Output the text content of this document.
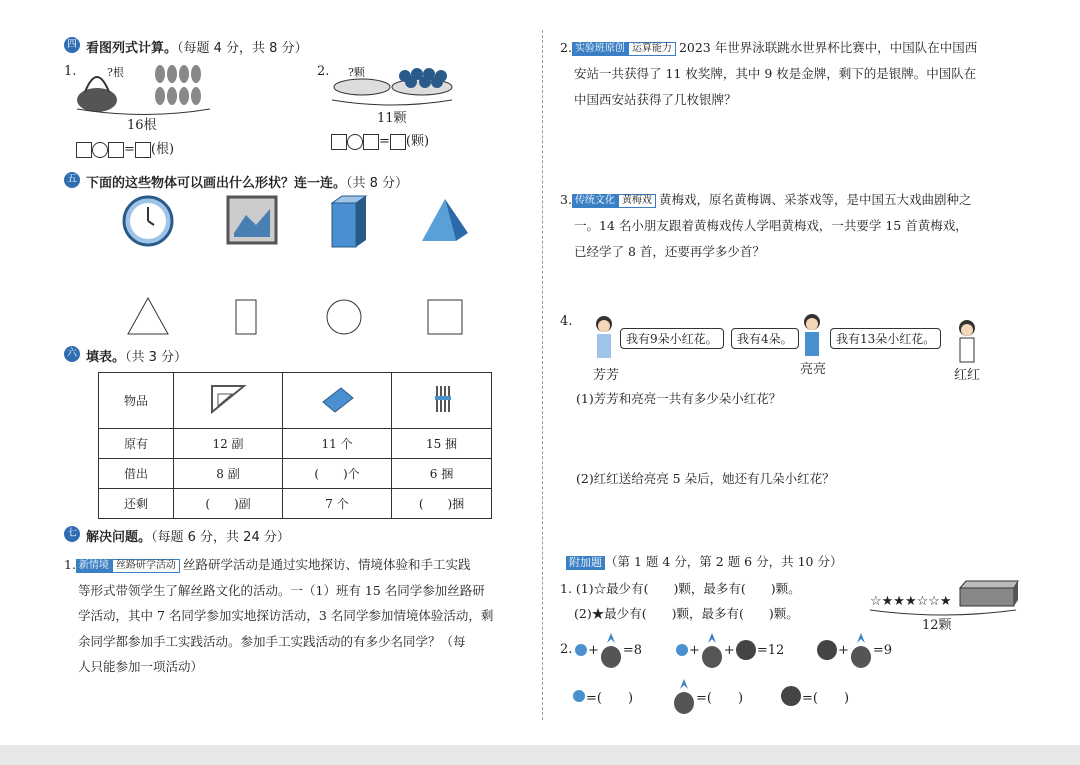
四 看图列式计算。（每题 4 分，共 8 分）
1.	?根
16根
= (根)
2. ?颗
11颗
= (颗)
五 下面的这些物体可以画出什么形状？连一连。（共 8 分）
六 填表。（共 3 分）
物品			
原有	12 副	11 个	15 捆
借出	8 副	(　　)个	6 捆
还剩	(　　)副	7 个	(　　)捆
七 解决问题。（每题 6 分，共 24 分）
1. 新情境 丝路研学活动 丝路研学活动是通过实地探访、情境体验和手工实践
等形式带领学生了解丝路文化的活动。一（1）班有 15 名同学参加丝路研
学活动，其中 7 名同学参加实地探访活动，3 名同学参加情境体验活动，剩
余同学都参加手工实践活动。参加手工实践活动的有多少名同学？（每
人只能参加一项活动）
2. 实验班原创 运算能力 2023 年世界泳联跳水世界杯比赛中，中国队在中国西
安站一共获得了 11 枚奖牌，其中 9 枚是金牌，剩下的是银牌。中国队在
中国西安站获得了几枚银牌？
3. 传统文化 黄梅戏 黄梅戏，原名黄梅调、采茶戏等，是中国五大戏曲剧种之
一。14 名小朋友跟着黄梅戏传人学唱黄梅戏，一共要学 15 首黄梅戏，
已经学了 8 首，还要再学多少首？
4.
我有9朵小红花。	我有4朵。	我有13朵小红花。
芳芳	亮亮	红红
(1)芳芳和亮亮一共有多少朵小红花？
(2)红红送给亮亮 5 朵后，她还有几朵小红花？
附加题 （第 1 题 4 分，第 2 题 6 分，共 10 分）
1. (1)☆最少有(　　)颗，最多有(　　)颗。
(2)★最少有(　　)颗，最多有(　　)颗。
☆★★★☆☆★
12颗
2. + =8	+ + =12	+ =9
=(　　)	=(　　)	=(　　)
